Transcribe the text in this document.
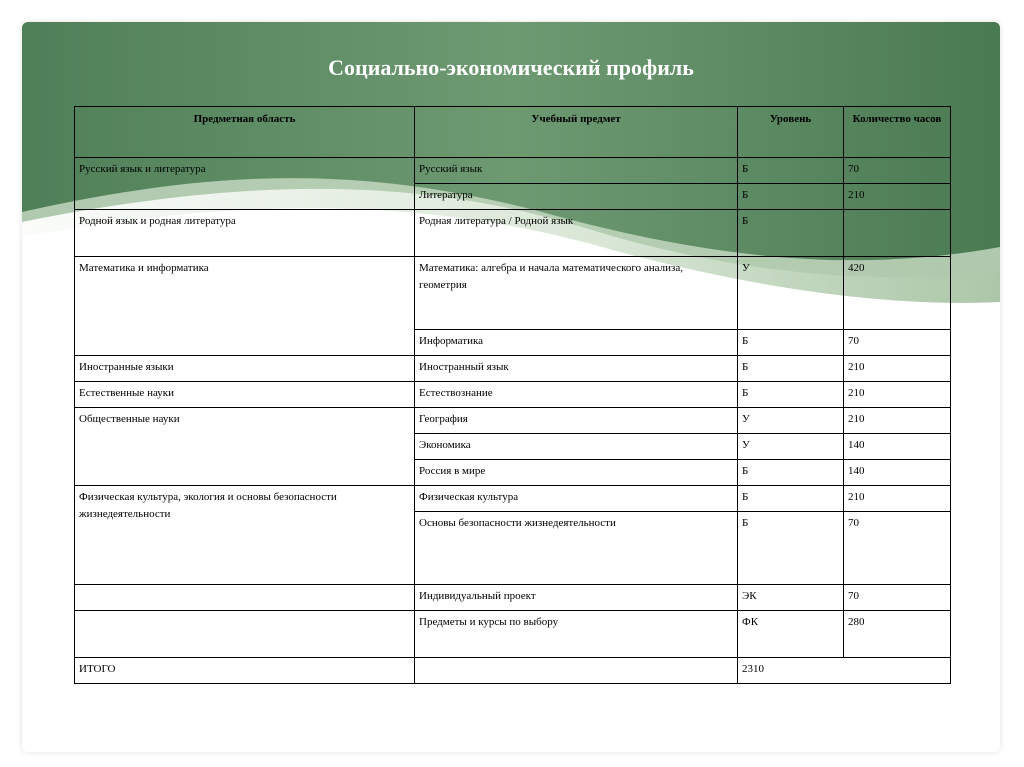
Социально-экономический профиль
Предметная область	Учебный предмет	Уровень	Количество часов
Русский язык и литература	Русский язык	Б	70
	Литература	Б	210
Родной язык и родная литература	Родная литература / Родной язык	Б	
Математика и информатика	Математика: алгебра и начала математического анализа, геометрия	У	420
	Информатика	Б	70
Иностранные языки	Иностранный язык	Б	210
Естественные науки	Естествознание	Б	210
Общественные науки	География	У	210
	Экономика	У	140
	Россия в мире	Б	140
Физическая культура, экология и основы безопасности жизнедеятельности	Физическая культура	Б	210
	Основы безопасности жизнедеятельности	Б	70
	Индивидуальный проект	ЭК	70
	Предметы и курсы по выбору	ФК	280
ИТОГО		2310	
